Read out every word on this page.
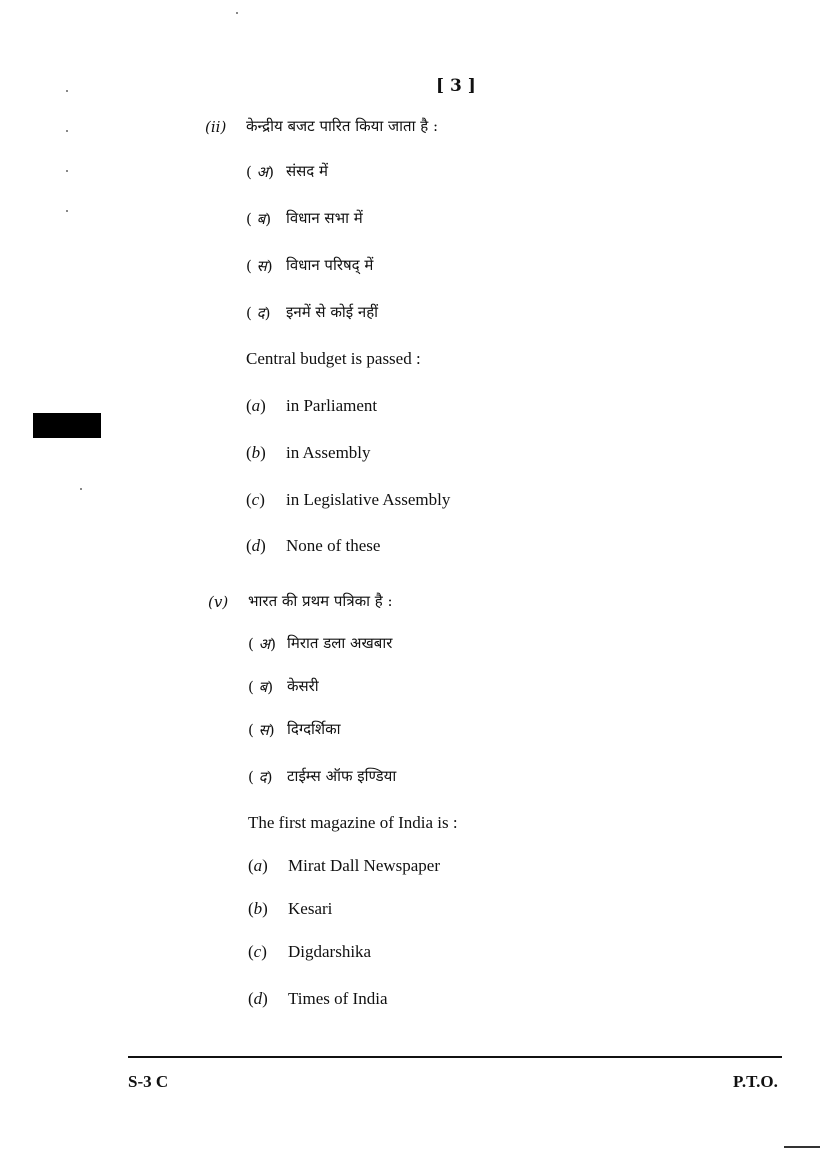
[ 3 ]
(ii) केन्द्रीय बजट पारित किया जाता है :
( अ) संसद में
( ब) विधान सभा में
( स) विधान परिषद् में
( द) इनमें से कोई नहीं
Central budget is passed :
(a) in Parliament
(b) in Assembly
(c) in Legislative Assembly
(d) None of these
(v) भारत की प्रथम पत्रिका है :
( अ) मिरात डला अखबार
( ब) केसरी
( स) दिग्दर्शिका
( द) टाईम्स ऑफ इण्डिया
The first magazine of India is :
(a) Mirat Dall Newspaper
(b) Kesari
(c) Digdarshika
(d) Times of India
S-3 C	P.T.O.
